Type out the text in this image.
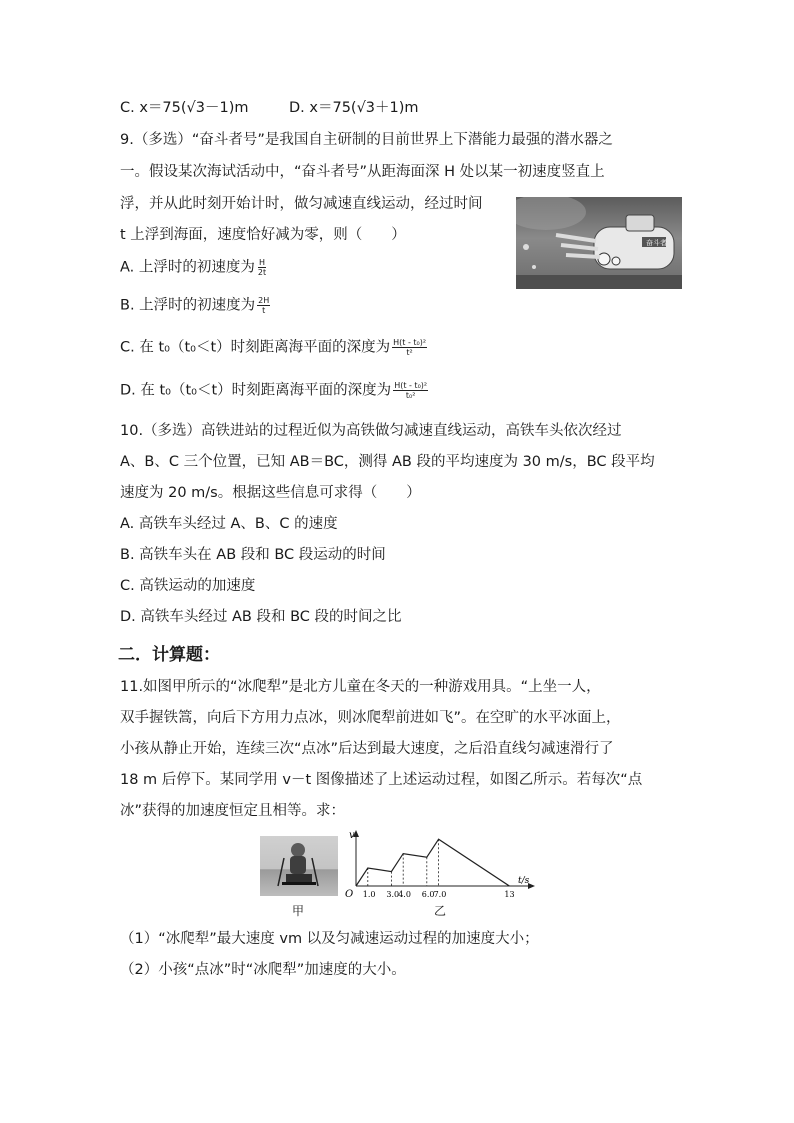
C. x＝75(√3－1)m	D. x＝75(√3＋1)m
9.（多选）“奋斗者号”是我国自主研制的目前世界上下潜能力最强的潜水器之
一。假设某次海试活动中，“奋斗者号”从距海面深 H 处以某一初速度竖直上
浮，并从此时刻开始计时，做匀减速直线运动，经过时间
t 上浮到海面，速度恰好减为零，则（　　）	奋斗者
A. 上浮时的初速度为 $\frac{H}{2t}$
B. 上浮时的初速度为 $\frac{2H}{t}$
C. 在 t₀（t₀＜t）时刻距离海平面的深度为 $\frac{\text{H(t - t₀)²}}{\text{t²}}$
D. 在 t₀（t₀＜t）时刻距离海平面的深度为 $\frac{\text{H(t - t₀)²}}{\text{t₀²}}$
10.（多选）高铁进站的过程近似为高铁做匀减速直线运动，高铁车头依次经过
A、B、C 三个位置，已知 AB＝BC，测得 AB 段的平均速度为 30 m/s，BC 段平均
速度为 20 m/s。根据这些信息可求得（　　）
A. 高铁车头经过 A、B、C 的速度
B. 高铁车头在 AB 段和 BC 段运动的时间
C. 高铁运动的加速度
D. 高铁车头经过 AB 段和 BC 段的时间之比
二．计算题：
11.如图甲所示的“冰爬犁”是北方儿童在冬天的一种游戏用具。“上坐一人，
双手握铁篙，向后下方用力点冰，则冰爬犁前进如飞”。在空旷的水平冰面上，
小孩从静止开始，连续三次“点冰”后达到最大速度，之后沿直线匀减速滑行了
18 m 后停下。某同学用 v－t 图像描述了上述运动过程，如图乙所示。若每次“点
冰”获得的加速度恒定且相等。求：
甲
v
O
t/s
1.0 3.0 4.0 6.0 7.0	13
乙
（1）“冰爬犁”最大速度 vm 以及匀减速运动过程的加速度大小；
（2）小孩“点冰”时“冰爬犁”加速度的大小。
